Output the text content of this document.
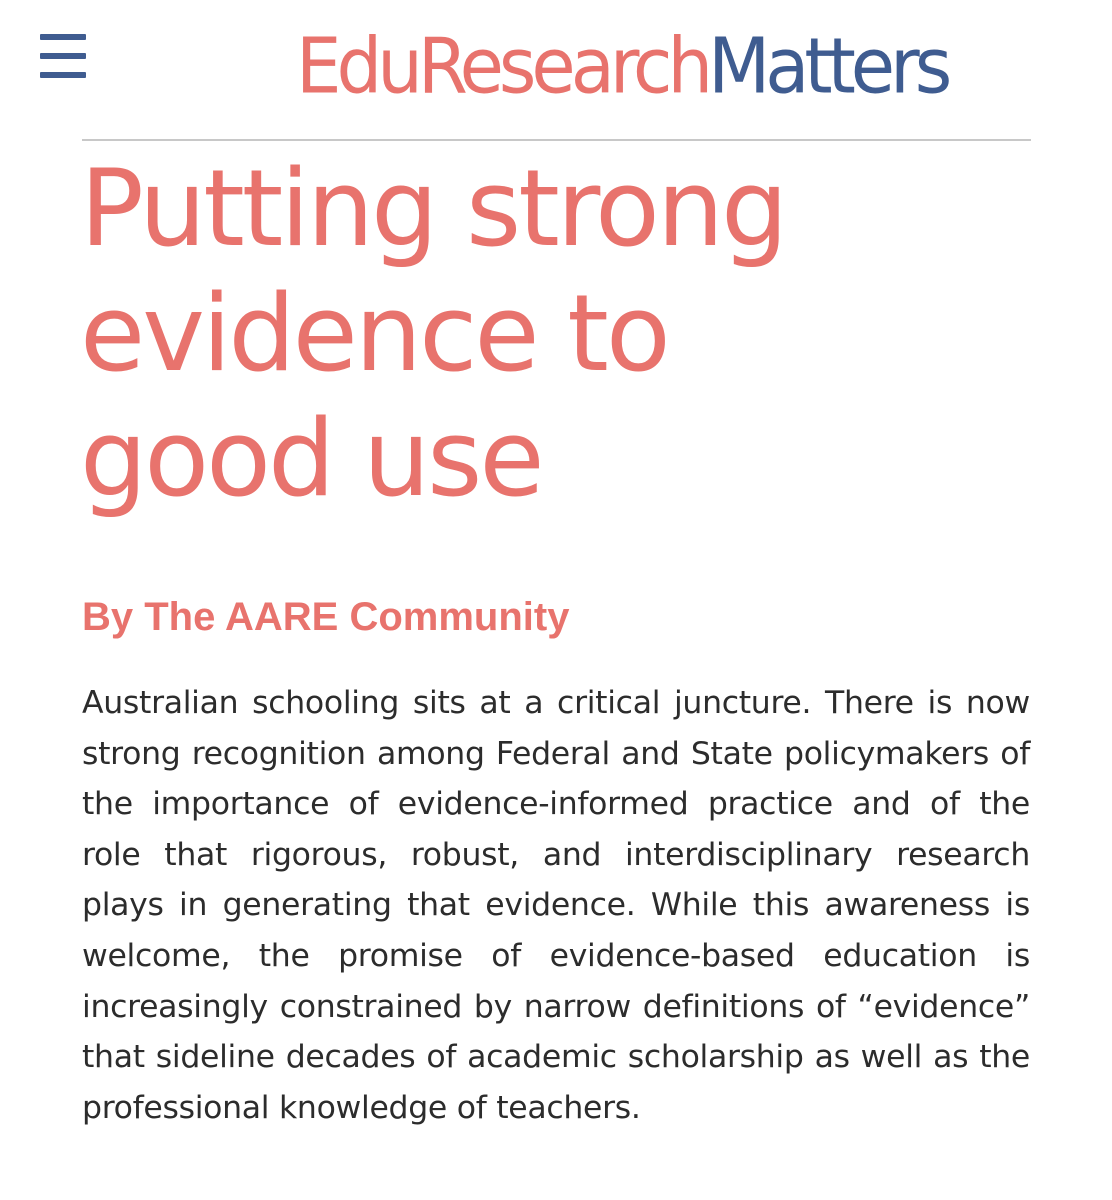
EduResearchMatters
Putting strong
evidence to
good use
By The AARE Community

Australian schooling sits at a critical juncture. There is now strong recognition among Federal and State policymakers of the importance of evidence-informed practice and of the role that rigorous, robust, and interdisciplinary research plays in generating that evidence. While this awareness is welcome, the promise of evidence-based education is increasingly constrained by narrow definitions of “evidence” that sideline decades of academic scholarship as well as the professional knowledge of teachers.
